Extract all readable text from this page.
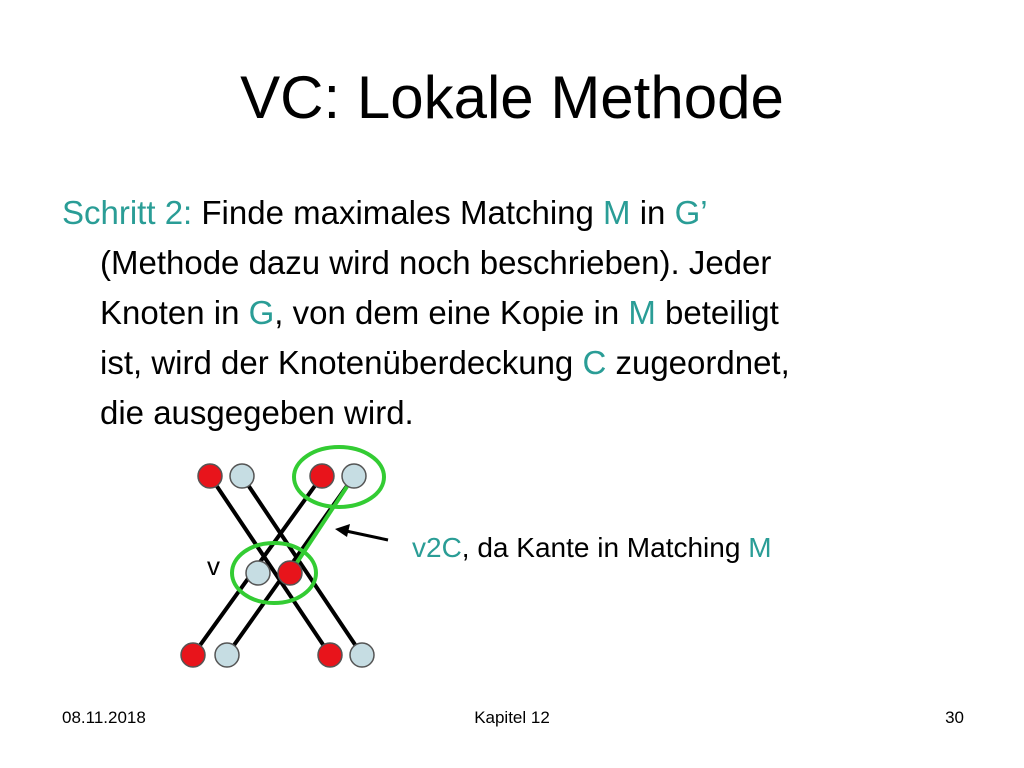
VC: Lokale Methode
Schritt 2: Finde maximales Matching M in G’
(Methode dazu wird noch beschrieben). Jeder
Knoten in G, von dem eine Kopie in M beteiligt
ist, wird der Knotenüberdeckung C zugeordnet,
die ausgegeben wird.
v
v2C, da Kante in Matching M
08.11.2018	Kapitel 12	30
